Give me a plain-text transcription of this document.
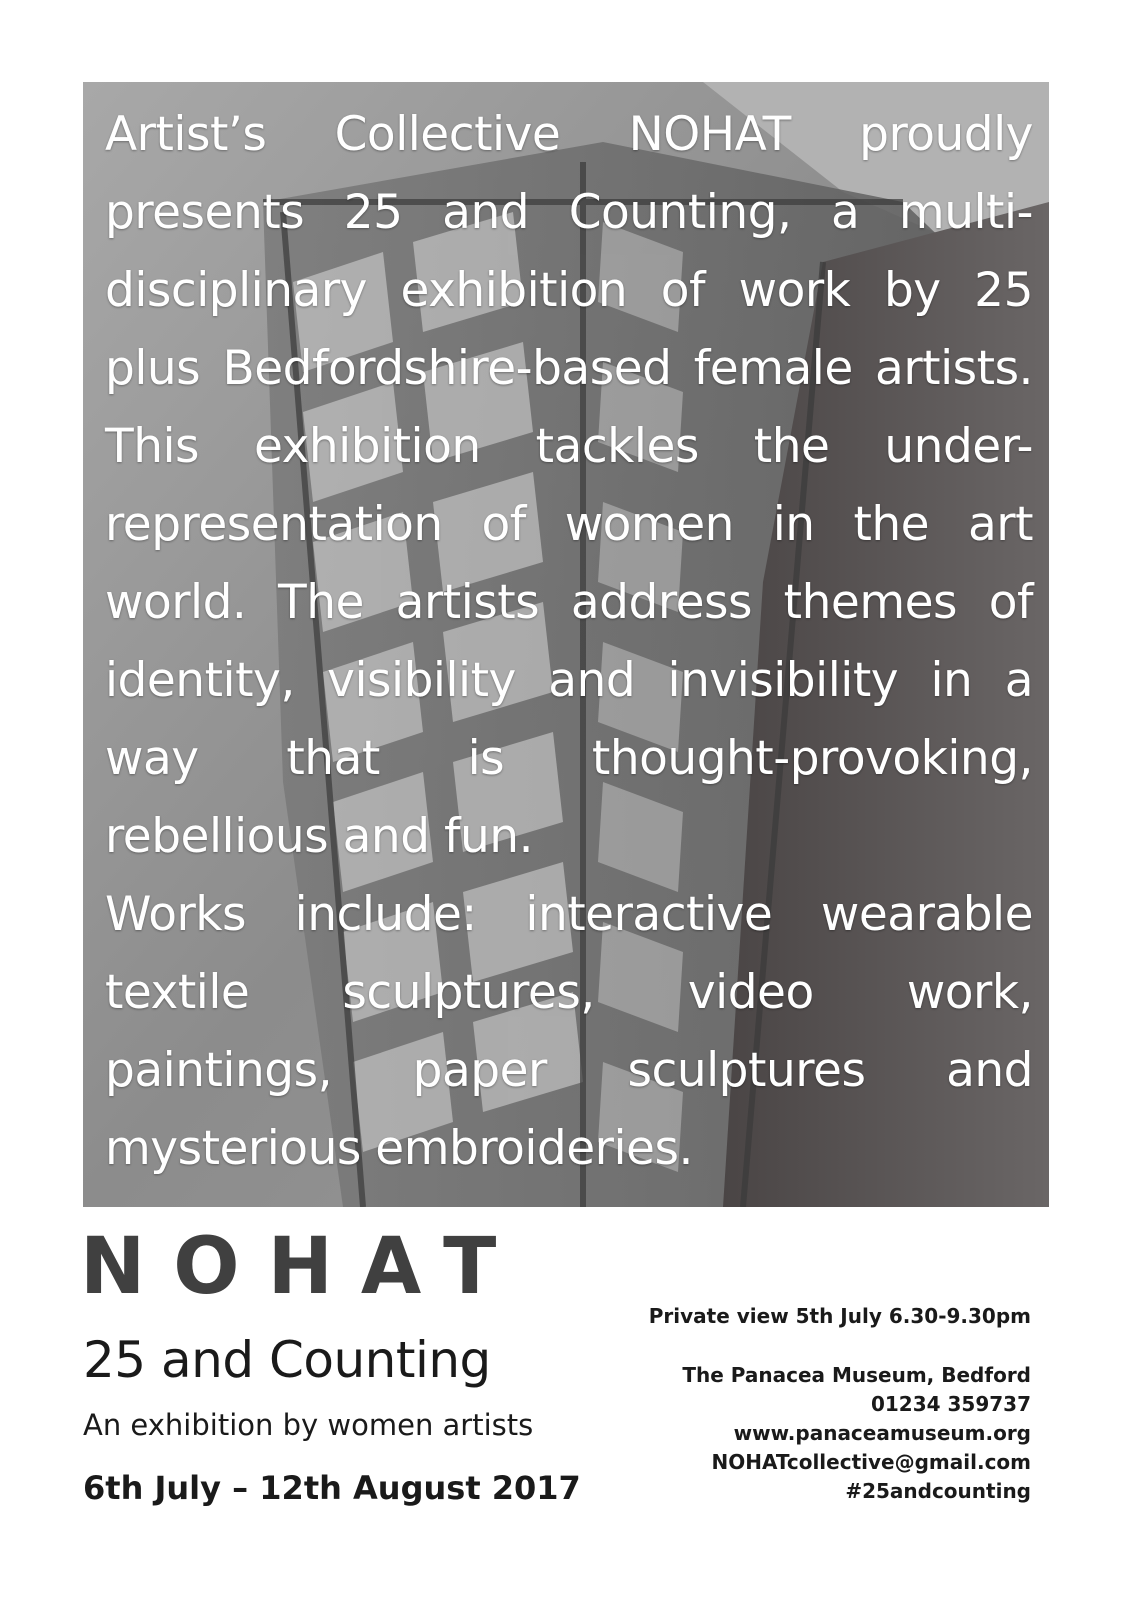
Artist’s Collective NOHAT proudly presents 25 and Counting, a multi-disciplinary exhibition of work by 25 plus Bedfordshire-based female artists. This exhibition tackles the under-representation of women in the art world. The artists address themes of identity, visibility and invisibility in a way that is thought-provoking, rebellious and fun.

Works include: interactive wearable textile sculptures, video work, paintings, paper sculptures and mysterious embroideries.

NOHAT
25 and Counting
An exhibition by women artists
6th July – 12th August 2017
Private view 5th July 6.30-9.30pm
The Panacea Museum, Bedford
01234 359737
www.panaceamuseum.org
NOHATcollective@gmail.com
#25andcounting
